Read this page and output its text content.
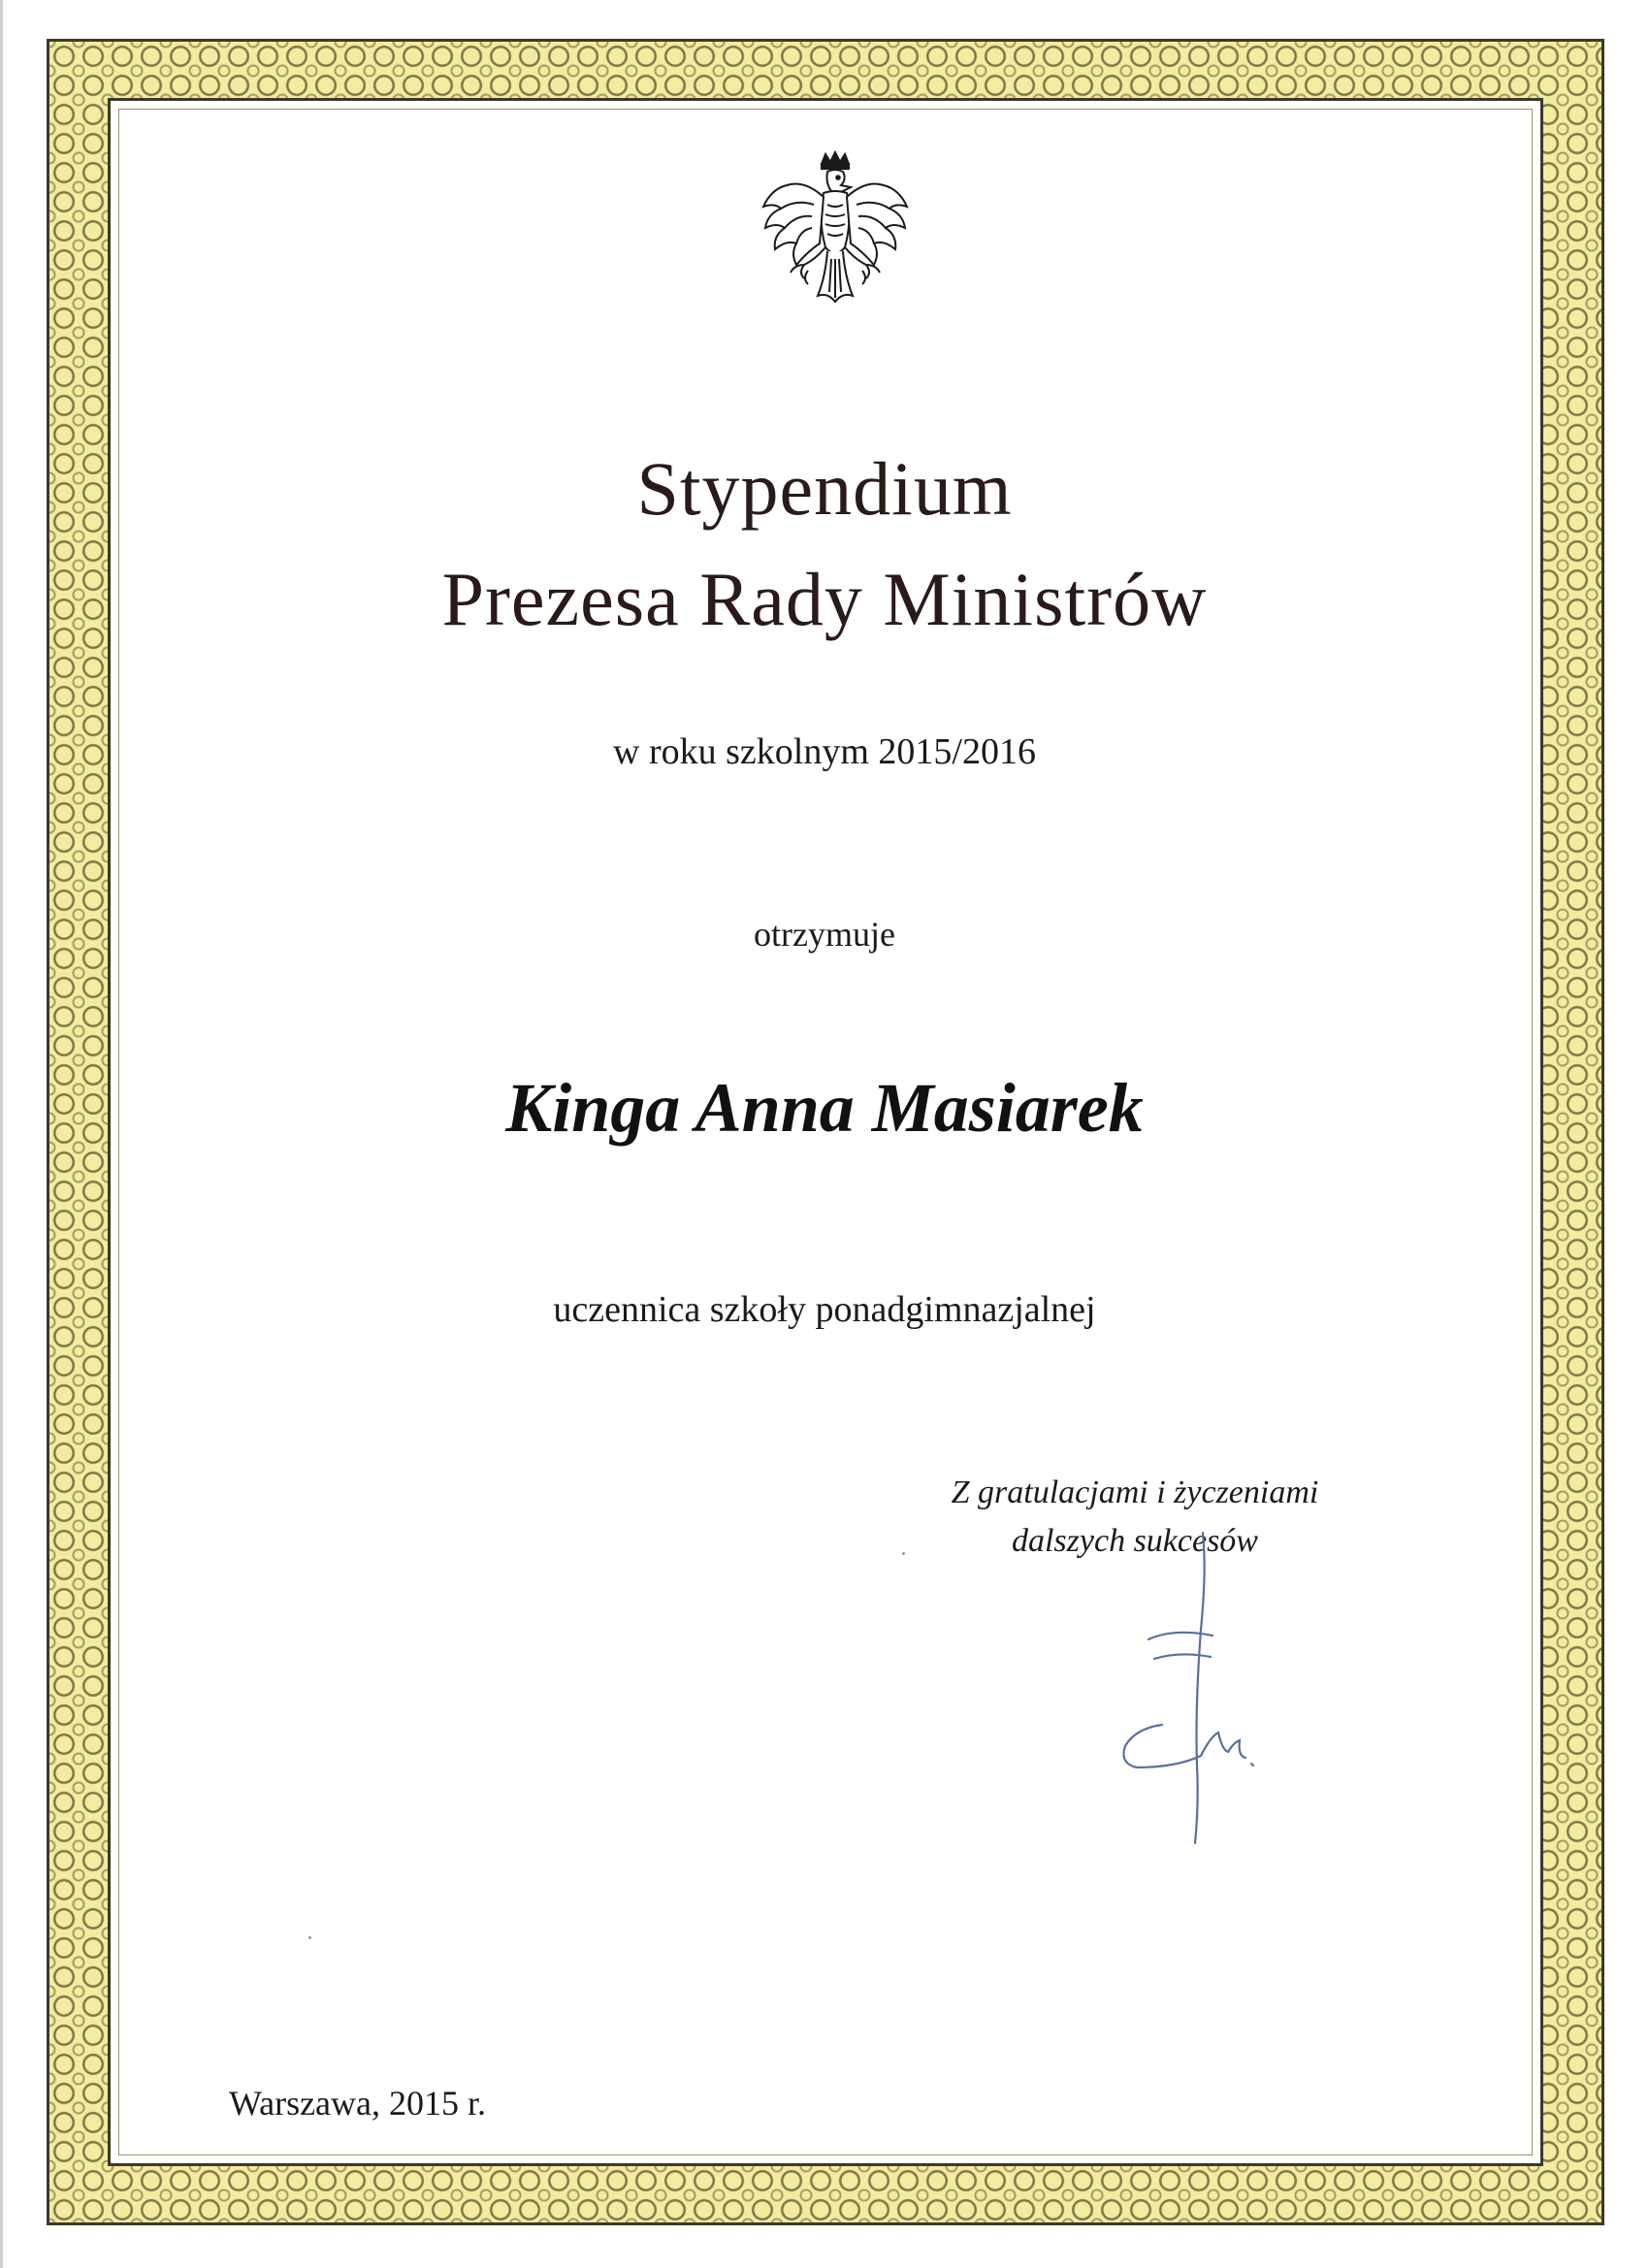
Stypendium

Prezesa Rady Ministrów

w roku szkolnym 2015/2016

otrzymuje

Kinga Anna Masiarek

uczennica szkoły ponadgimnazjalnej

Z gratulacjami i życzeniami

dalszych sukcesów

Warszawa, 2015 r.
